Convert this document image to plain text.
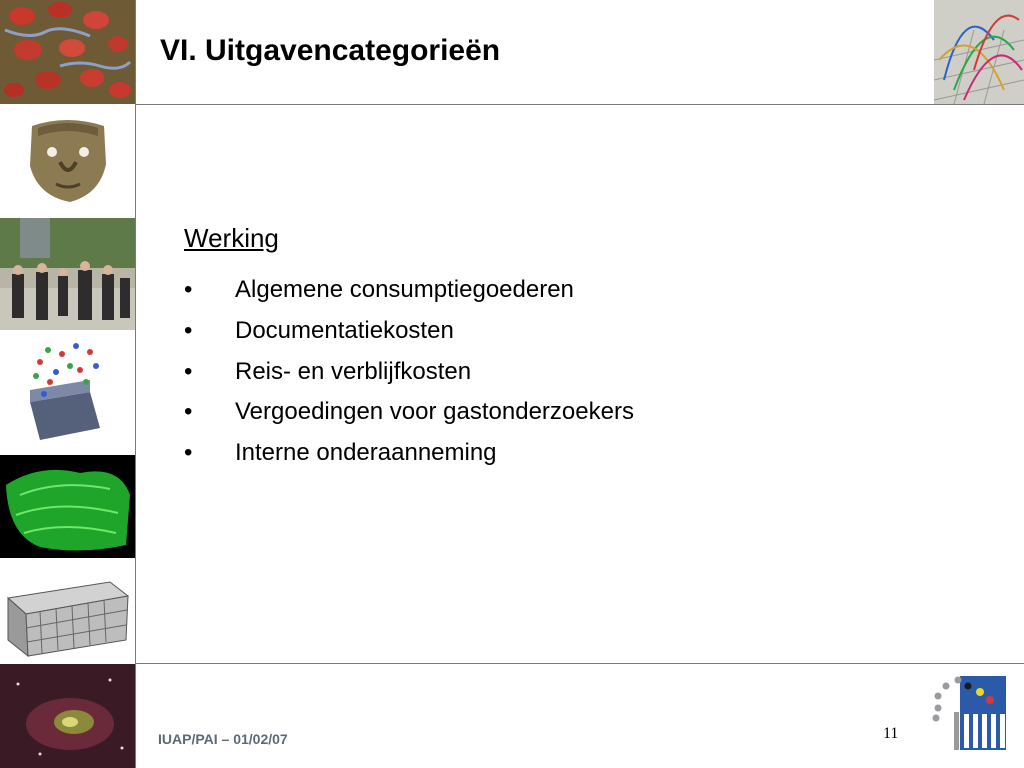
VI. Uitgavencategorieën
Werking
• Algemene consumptiegoederen
• Documentatiekosten
• Reis- en verblijfkosten
• Vergoedingen voor gastonderzoekers
• Interne onderaanneming
IUAP/PAI – 01/02/07	11
